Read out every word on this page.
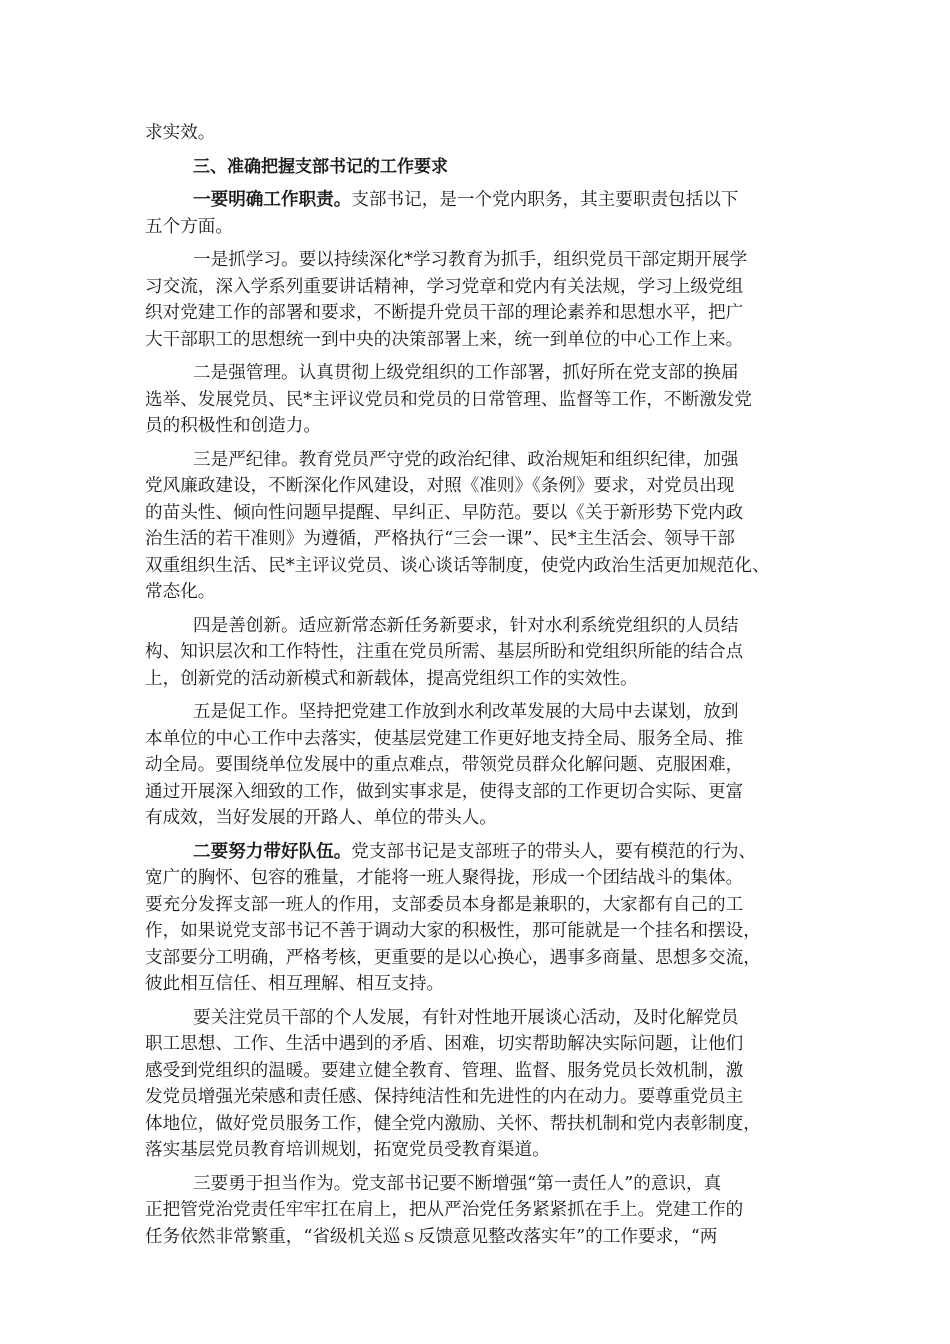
求实效。
三、准确把握支部书记的工作要求
一要明确工作职责。支部书记，是一个党内职务，其主要职责包括以下
五个方面。
一是抓学习。要以持续深化*学习教育为抓手，组织党员干部定期开展学
习交流，深入学系列重要讲话精神，学习党章和党内有关法规，学习上级党组
织对党建工作的部署和要求，不断提升党员干部的理论素养和思想水平，把广
大干部职工的思想统一到中央的决策部署上来，统一到单位的中心工作上来。
二是强管理。认真贯彻上级党组织的工作部署，抓好所在党支部的换届
选举、发展党员、民*主评议党员和党员的日常管理、监督等工作，不断激发党
员的积极性和创造力。
三是严纪律。教育党员严守党的政治纪律、政治规矩和组织纪律，加强
党风廉政建设，不断深化作风建设，对照《准则》《条例》要求，对党员出现
的苗头性、倾向性问题早提醒、早纠正、早防范。要以《关于新形势下党内政
治生活的若干准则》为遵循，严格执行“三会一课”、民*主生活会、领导干部
双重组织生活、民*主评议党员、谈心谈话等制度，使党内政治生活更加规范化、
常态化。
四是善创新。适应新常态新任务新要求，针对水利系统党组织的人员结
构、知识层次和工作特性，注重在党员所需、基层所盼和党组织所能的结合点
上，创新党的活动新模式和新载体，提高党组织工作的实效性。
五是促工作。坚持把党建工作放到水利改革发展的大局中去谋划，放到
本单位的中心工作中去落实，使基层党建工作更好地支持全局、服务全局、推
动全局。要围绕单位发展中的重点难点，带领党员群众化解问题、克服困难，
通过开展深入细致的工作，做到实事求是，使得支部的工作更切合实际、更富
有成效，当好发展的开路人、单位的带头人。
二要努力带好队伍。党支部书记是支部班子的带头人，要有模范的行为、
宽广的胸怀、包容的雅量，才能将一班人聚得拢，形成一个团结战斗的集体。
要充分发挥支部一班人的作用，支部委员本身都是兼职的，大家都有自己的工
作，如果说党支部书记不善于调动大家的积极性，那可能就是一个挂名和摆设，
支部要分工明确，严格考核，更重要的是以心换心，遇事多商量、思想多交流，
彼此相互信任、相互理解、相互支持。
要关注党员干部的个人发展，有针对性地开展谈心活动，及时化解党员
职工思想、工作、生活中遇到的矛盾、困难，切实帮助解决实际问题，让他们
感受到党组织的温暖。要建立健全教育、管理、监督、服务党员长效机制，激
发党员增强光荣感和责任感、保持纯洁性和先进性的内在动力。要尊重党员主
体地位，做好党员服务工作，健全党内激励、关怀、帮扶机制和党内表彰制度，
落实基层党员教育培训规划，拓宽党员受教育渠道。
三要勇于担当作为。党支部书记要不断增强“第一责任人”的意识，真
正把管党治党责任牢牢扛在肩上，把从严治党任务紧紧抓在手上。党建工作的
任务依然非常繁重，“省级机关巡ｓ反馈意见整改落实年”的工作要求，“两
